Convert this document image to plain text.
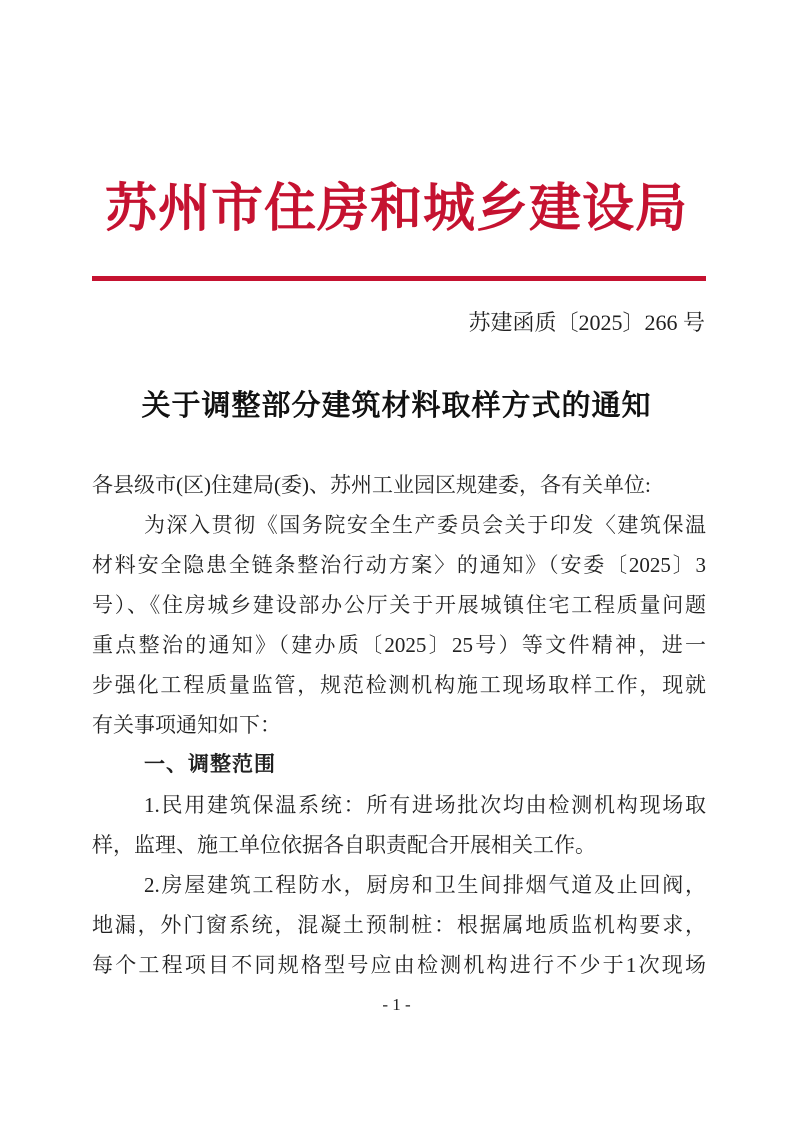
苏州市住房和城乡建设局
苏建函质〔2025〕266 号
关于调整部分建筑材料取样方式的通知
各县级市(区)住建局(委)、苏州工业园区规建委，各有关单位:
为深入贯彻《国务院安全生产委员会关于印发〈建筑保温
材料安全隐患全链条整治行动方案〉的通知》（安委〔2025〕3
号）、《住房城乡建设部办公厅关于开展城镇住宅工程质量问题
重点整治的通知》（建办质〔2025〕25号）等文件精神，进一
步强化工程质量监管，规范检测机构施工现场取样工作，现就
有关事项通知如下：
一、调整范围
1.民用建筑保温系统：所有进场批次均由检测机构现场取
样，监理、施工单位依据各自职责配合开展相关工作。
2.房屋建筑工程防水，厨房和卫生间排烟气道及止回阀，
地漏，外门窗系统，混凝土预制桩：根据属地质监机构要求，
每个工程项目不同规格型号应由检测机构进行不少于1次现场
- 1 -
